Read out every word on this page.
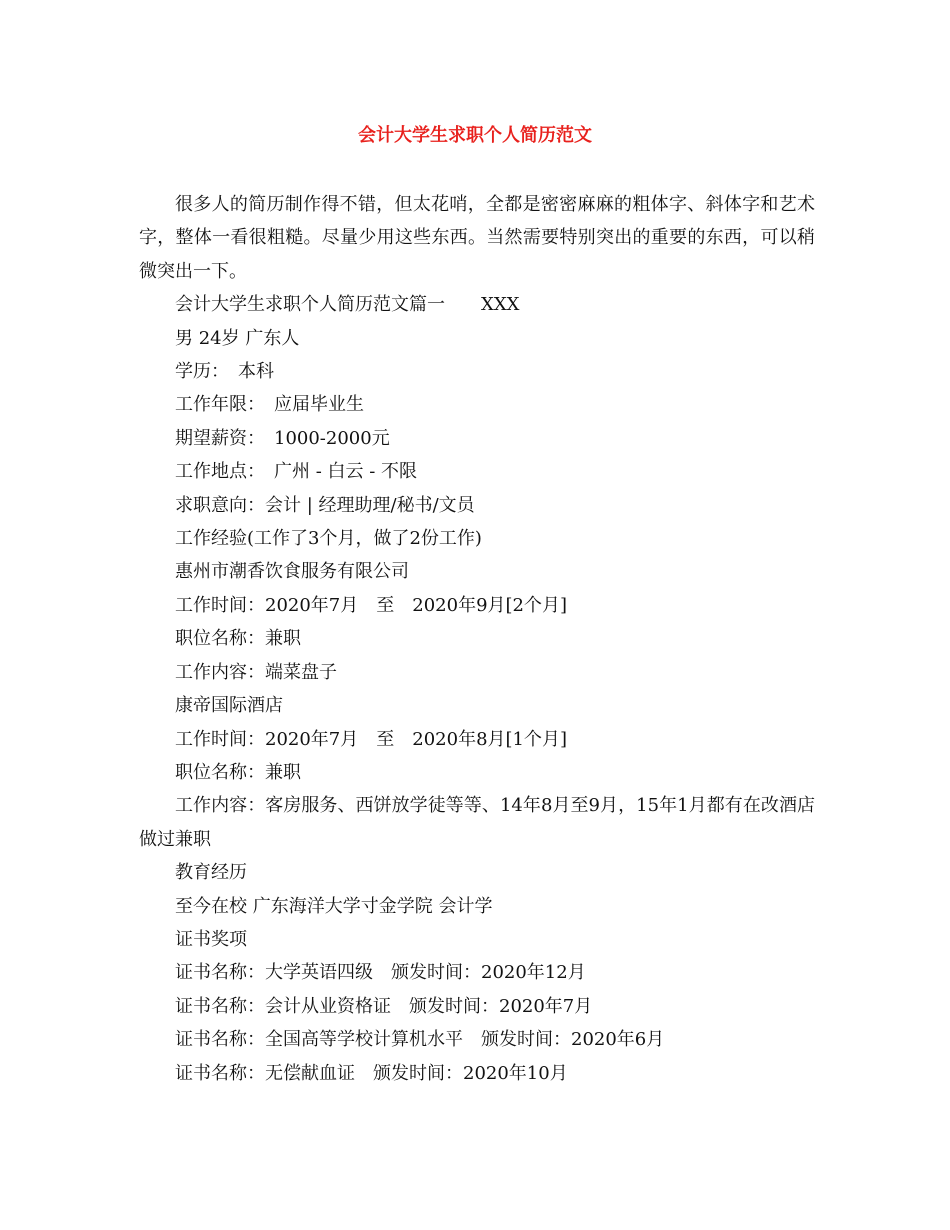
会计大学生求职个人简历范文

很多人的简历制作得不错，但太花哨，全都是密密麻麻的粗体字、斜体字和艺术字，整体一看很粗糙。尽量少用这些东西。当然需要特别突出的重要的东西，可以稍微突出一下。

会计大学生求职个人简历范文篇一　　XXX

男 24岁 广东人

学历：　本科

工作年限：　应届毕业生

期望薪资：　1000-2000元

工作地点：　广州 - 白云 - 不限

求职意向：会计 | 经理助理/秘书/文员

工作经验(工作了3个月，做了2份工作)

惠州市潮香饮食服务有限公司

工作时间：2020年7月　至　2020年9月[2个月]

职位名称：兼职

工作内容：端菜盘子

康帝国际酒店

工作时间：2020年7月　至　2020年8月[1个月]

职位名称：兼职

工作内容：客房服务、西饼放学徒等等、14年8月至9月，15年1月都有在改酒店做过兼职

教育经历

至今在校 广东海洋大学寸金学院 会计学

证书奖项

证书名称：大学英语四级　颁发时间：2020年12月

证书名称：会计从业资格证　颁发时间：2020年7月

证书名称：全国高等学校计算机水平　颁发时间：2020年6月

证书名称：无偿献血证　颁发时间：2020年10月
